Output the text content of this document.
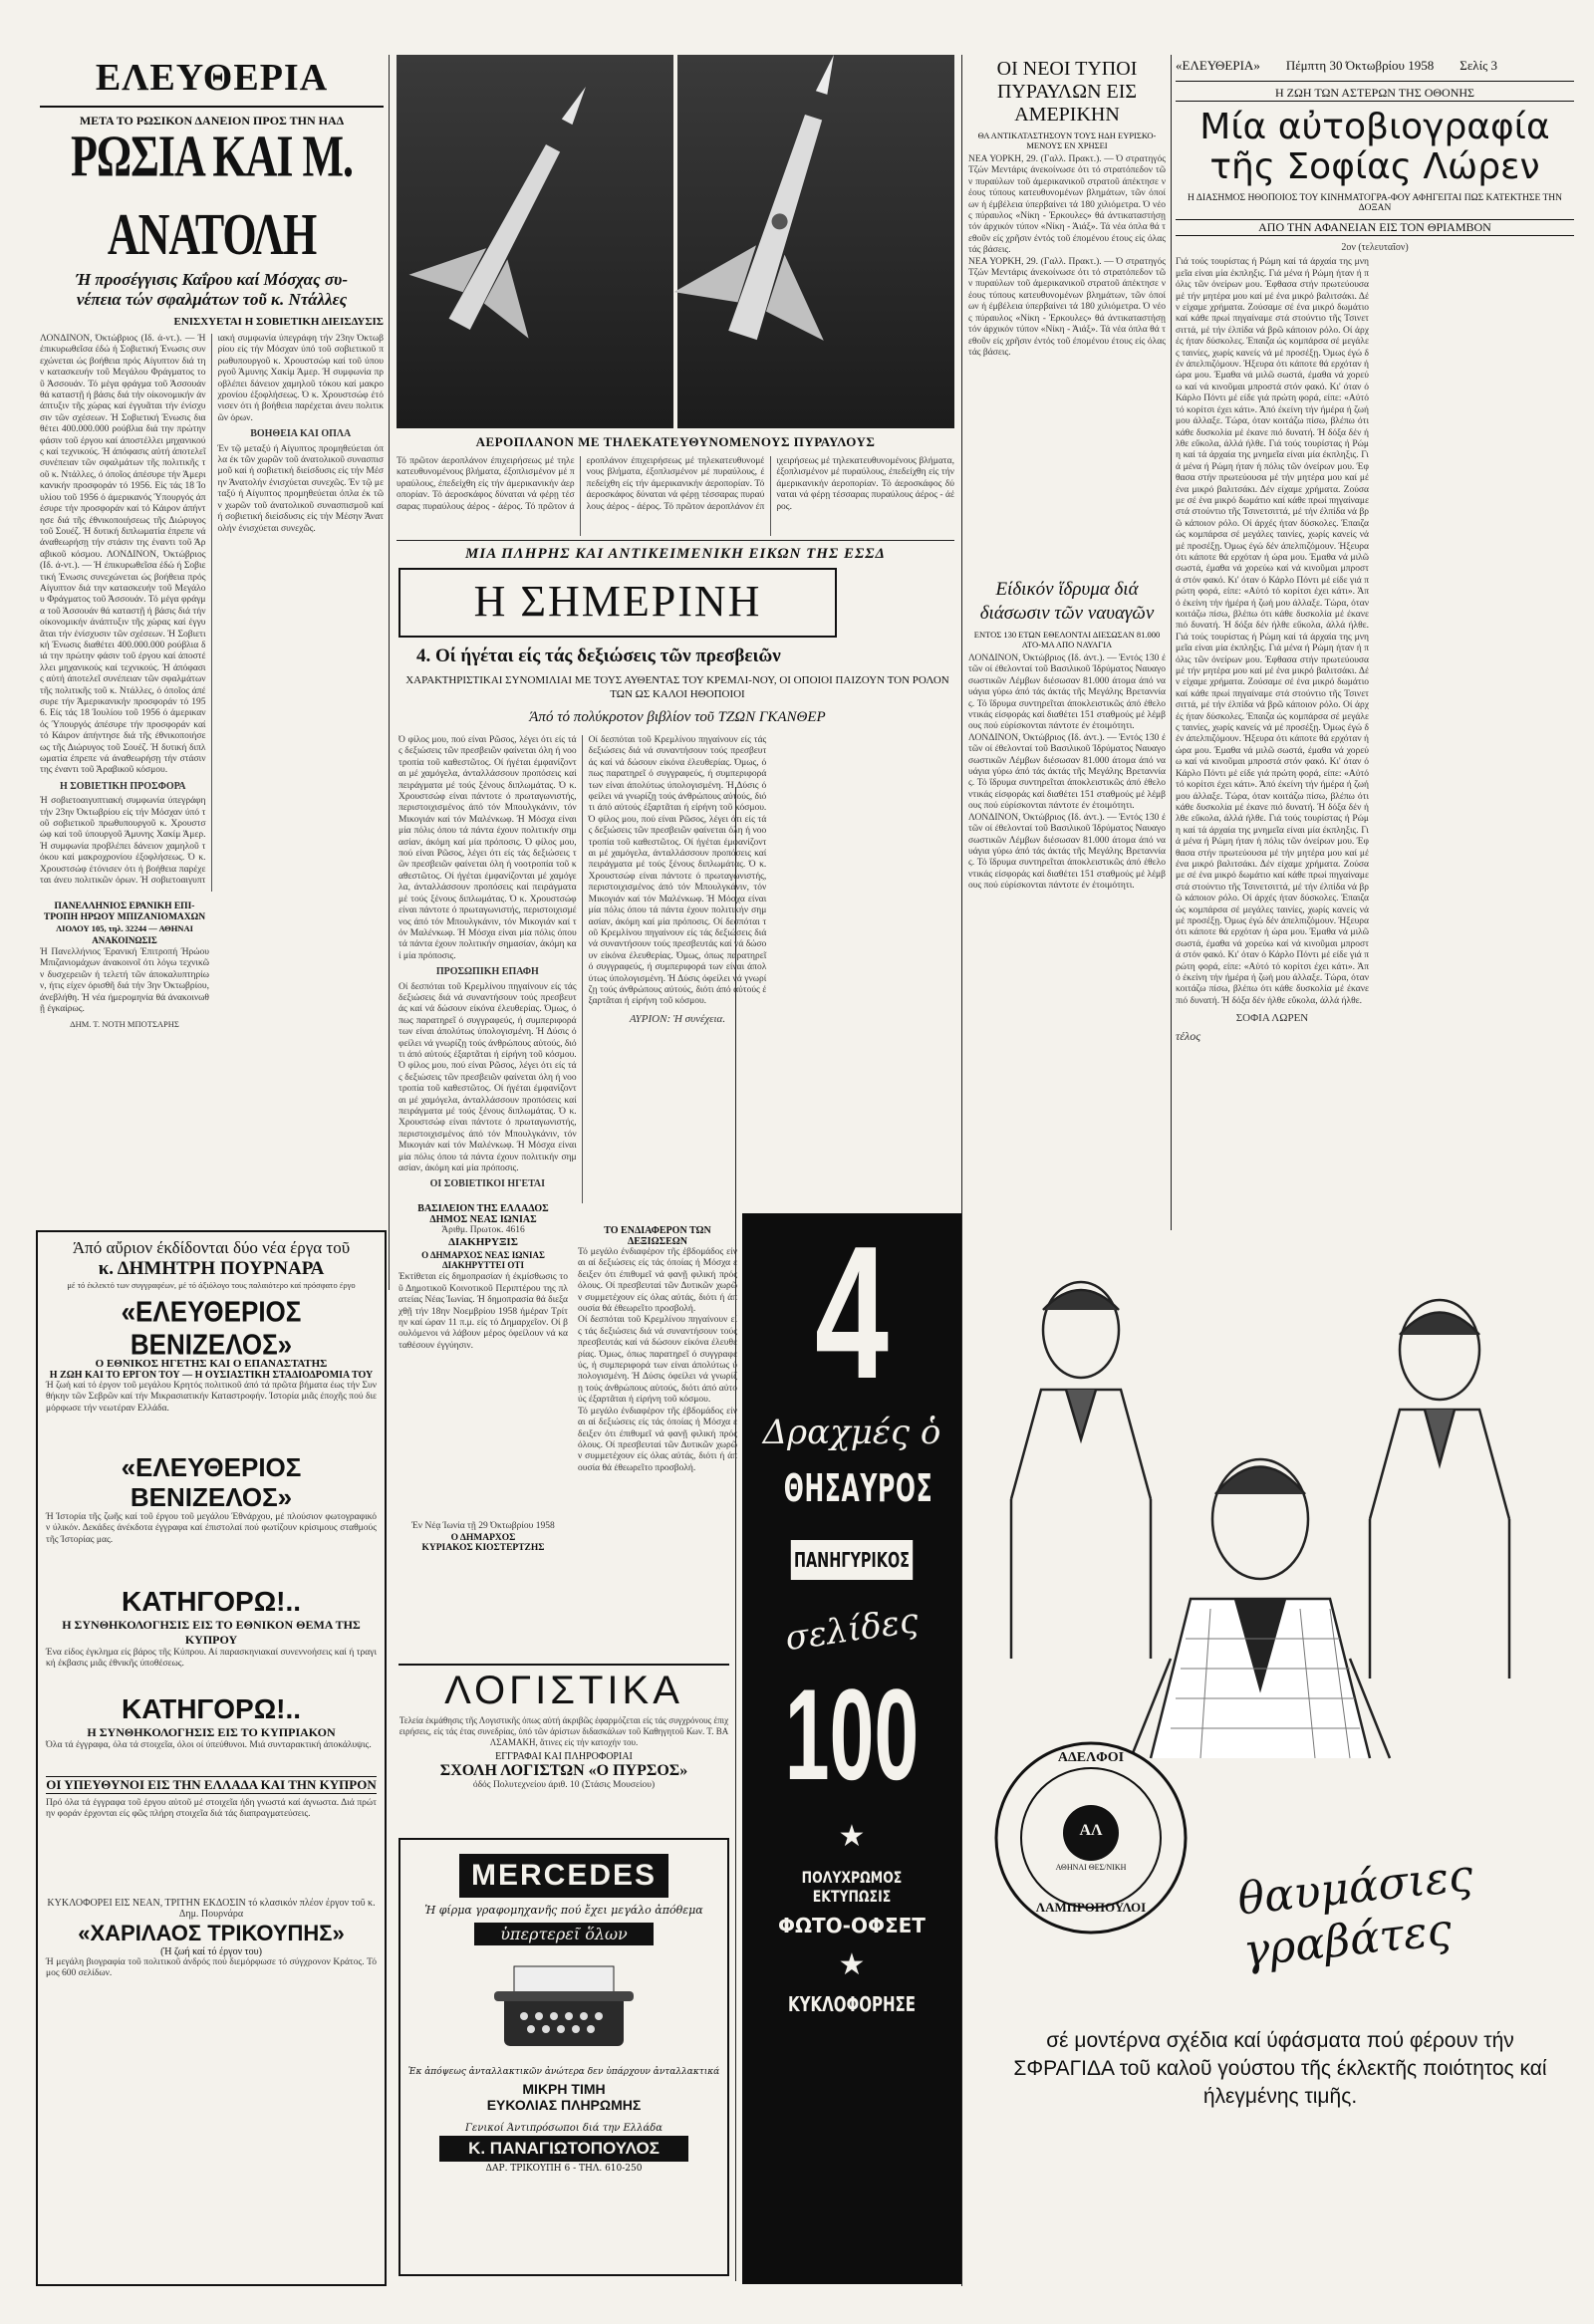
ΕΛΕΥΘΕΡΙΑ	«ΕΛΕΥΘΕΡΙΑ» Πέμπτη 30 Όκτωβρίου 1958 Σελίς 3
ΜΕΤΑ ΤΟ ΡΩΣΙΚΟΝ ΔΑΝΕΙΟΝ ΠΡΟΣ ΤΗΝ ΗΑΔ
ΡΩΣΙΑ ΚΑΙ Μ. ΑΝΑΤΟΛΗ
Ή προσέγγισις Καΐρου καί Μόσχας συ-νέπεια τών σφαλμάτων τοῦ κ. Ντάλλες
ΕΝΙΣΧΥΕΤΑΙ Η ΣΟΒΙΕΤΙΚΗ ΔΙΕΙΣΔΥΣΙΣ
ΛΟΝΔΙΝΟΝ, Όκτώβριος (Ιδ. ά-ντ.). — Ή έπικυρωθεῖσα έδώ ή Σοβιετική Ένωσις συνεχώνεται ώς βοήθεια πρός Αίγυπτον διά την κατασκευήν τοῦ Μεγάλου Φράγματος τοῦ Άσσουάν. Τό μέγα φράγμα τοῦ Άσσουάν θά καταστῇ ή βάσις διά τήν οίκονομικήν άνάπτυξιν τῆς χώρας καί έγγυᾶται τήν ένίσχυσιν τῶν σχέσεων. Ή Σοβιετική Ένωσις διαθέτει 400.000.000 ρούβλια διά την πρώτην φάσιν τοῦ έργου καί άποστέλλει μηχανικούς καί τεχνικούς. Ή άπόφασις αὐτή άποτελεῖ συνέπειαν τῶν σφαλμάτων τῆς πολιτικῆς τοῦ κ. Ντάλλες, ό όποῖος άπέσυρε τήν Άμερικανικήν προσφοράν τό 1956. Είς τάς 18 Ίουλίου τοῦ 1956 ό άμερικανός Ύπουργός άπέσυρε τήν προσφοράν καί τό Κάιρον άπήντησε διά τῆς έθνικοποιήσεως τῆς Διώρυγος τοῦ Σουέζ. Ή δυτική διπλωματία έπρεπε νά άναθεωρήσῃ τήν στάσιν της έναντι τοῦ Άραβικοῦ κόσμου. ΛΟΝΔΙΝΟΝ, Όκτώβριος (Ιδ. ά-ντ.). — Ή έπικυρωθεῖσα έδώ ή Σοβιετική Ένωσις συνεχώνεται ώς βοήθεια πρός Αίγυπτον διά την κατασκευήν τοῦ Μεγάλου Φράγματος τοῦ Άσσουάν. Τό μέγα φράγμα τοῦ Άσσουάν θά καταστῇ ή βάσις διά τήν οίκονομικήν άνάπτυξιν τῆς χώρας καί έγγυᾶται τήν ένίσχυσιν τῶν σχέσεων. Ή Σοβιετική Ένωσις διαθέτει 400.000.000 ρούβλια διά την πρώτην φάσιν τοῦ έργου καί άποστέλλει μηχανικούς καί τεχνικούς. Ή άπόφασις αὐτή άποτελεῖ συνέπειαν τῶν σφαλμάτων τῆς πολιτικῆς τοῦ κ. Ντάλλες, ό όποῖος άπέσυρε τήν Άμερικανικήν προσφοράν τό 1956. Είς τάς 18 Ίουλίου τοῦ 1956 ό άμερικανός Ύπουργός άπέσυρε τήν προσφοράν καί τό Κάιρον άπήντησε διά τῆς έθνικοποιήσεως τῆς Διώρυγος τοῦ Σουέζ. Ή δυτική διπλωματία έπρεπε νά άναθεωρήσῃ τήν στάσιν της έναντι τοῦ Άραβικοῦ κόσμου.
Η ΣΟΒΙΕΤΙΚΗ ΠΡΟΣΦΟΡΑ
Ή σοβιετοαιγυπτιακή συμφωνία ύπεγράφη τήν 23ην Όκτωβρίου είς τήν Μόσχαν ύπό τοῦ σοβιετικοῦ πρωθυπουργοῦ κ. Χρουστσώφ καί τοῦ ύπουργοῦ Άμυνης Χακίμ Άμερ. Ή συμφωνία προβλέπει δάνειον χαμηλοῦ τόκου καί μακροχρονίου έξοφλήσεως. Ό κ. Χρουστσώφ έτόνισεν ότι ή βοήθεια παρέχεται άνευ πολιτικῶν όρων. Ή σοβιετοαιγυπτιακή συμφωνία ύπεγράφη τήν 23ην Όκτωβρίου είς τήν Μόσχαν ύπό τοῦ σοβιετικοῦ πρωθυπουργοῦ κ. Χρουστσώφ καί τοῦ ύπουργοῦ Άμυνης Χακίμ Άμερ. Ή συμφωνία προβλέπει δάνειον χαμηλοῦ τόκου καί μακροχρονίου έξοφλήσεως. Ό κ. Χρουστσώφ έτόνισεν ότι ή βοήθεια παρέχεται άνευ πολιτικῶν όρων.
ΒΟΗΘΕΙΑ ΚΑΙ ΟΠΛΑ
Έν τῷ μεταξύ ή Αίγυπτος προμηθεύεται όπλα έκ τῶν χωρῶν τοῦ άνατολικοῦ συνασπισμοῦ καί ή σοβιετική διείσδυσις είς τήν Μέσην Άνατολήν ένισχύεται συνεχῶς. Έν τῷ μεταξύ ή Αίγυπτος προμηθεύεται όπλα έκ τῶν χωρῶν τοῦ άνατολικοῦ συνασπισμοῦ καί ή σοβιετική διείσδυσις είς τήν Μέσην Άνατολήν ένισχύεται συνεχῶς.
ΠΑΝΕΛΛΗΝΙΟΣ ΕΡΑΝΙΚΗ ΕΠΙ-ΤΡΟΠΗ ΗΡΩΟΥ ΜΠΙΖΑΝΙΟΜΑΧΩΝ
ΛΙΟΛΟΥ 105, τηλ. 32244 — ΑΘΗΝΑΙ
ΑΝΑΚΟΙΝΩΣΙΣ
Ή Πανελλήνιος Έρανική Έπιτροπή Ήρώου Μπιζανιομάχων άνακοινοῖ ότι λόγω τεχνικῶν δυσχερειῶν ή τελετή τῶν άποκαλυπτηρίων, ήτις είχεν όρισθῆ διά τήν 3ην Όκτωβρίου, άνεβλήθη. Ή νέα ήμερομηνία θά άνακοινωθῇ έγκαίρως.
ΔΗΜ. Τ. ΝΟΤΗ ΜΠΟΤΣΑΡΗΣ
Άπό αὔριον έκδίδονται δύο νέα έργα τοῦ
κ. ΔΗΜΗΤΡΗ ΠΟΥΡΝΑΡΑ
μέ τό έκλεκτό των συγγραφέων, μέ τό άξιόλογο τους παλαιότερο καί πρόσφατο έργο
«ΕΛΕΥΘΕΡΙΟΣ ΒΕΝΙΖΕΛΟΣ»
Ο ΕΘΝΙΚΟΣ ΗΓΕΤΗΣ ΚΑΙ Ο ΕΠΑΝΑΣΤΑΤΗΣ
Η ΖΩΗ ΚΑΙ ΤΟ ΕΡΓΟΝ ΤΟΥ — Η ΟΥΣΙΑΣΤΙΚΗ ΣΤΑΔΙΟΔΡΟΜΙΑ ΤΟΥ
Ή ζωή καί τό έργον τοῦ μεγάλου Κρητός πολιτικοῦ άπό τά πρῶτα βήματα έως τήν Συνθήκην τῶν Σεβρῶν καί τήν Μικρασιατικήν Καταστροφήν. Ίστορία μιᾶς έποχῆς πού διεμόρφωσε τήν νεωτέραν Ελλάδα.
«ΕΛΕΥΘΕΡΙΟΣ ΒΕΝΙΖΕΛΟΣ»
Ή Ίστορία τῆς ζωῆς καί τοῦ έργου τοῦ μεγάλου Έθνάρχου, μέ πλούσιον φωτογραφικόν ύλικόν. Δεκάδες άνέκδοτα έγγραφα καί έπιστολαί πού φωτίζουν κρίσιμους σταθμούς τῆς Ίστορίας μας.
ΚΑΤΗΓΟΡΩ!..
Η ΣΥΝΘΗΚΟΛΟΓΗΣΙΣ ΕΙΣ ΤΟ ΕΘΝΙΚΟΝ ΘΕΜΑ ΤΗΣ ΚΥΠΡΟΥ
Ένα είδος έγκλημα είς βάρος τῆς Κύπρου. Αί παρασκηνιακαί συνεννοήσεις καί ή τραγική έκβασις μιᾶς έθνικῆς ύποθέσεως.
ΚΑΤΗΓΟΡΩ!..
Η ΣΥΝΘΗΚΟΛΟΓΗΣΙΣ ΕΙΣ ΤΟ ΚΥΠΡΙΑΚΟΝ
Όλα τά έγγραφα, όλα τά στοιχεῖα, όλοι οί ύπεύθυνοι. Μιά συνταρακτική άποκάλυψις.
ΟΙ ΥΠΕΥΘΥΝΟΙ ΕΙΣ ΤΗΝ ΕΛΛΑΔΑ ΚΑΙ ΤΗΝ ΚΥΠΡΟΝ
Πρό όλα τά έγγραφα τοῦ έργου αὐτοῦ μέ στοιχεῖα ήδη γνωστά καί άγνωστα. Διά πρώτην φοράν έρχονται είς φῶς πλήρη στοιχεῖα διά τάς διαπραγματεύσεις.
ΚΥΚΛΟΦΟΡΕΙ ΕΙΣ ΝΕΑΝ, ΤΡΙΤΗΝ ΕΚΔΟΣΙΝ τό κλασικόν πλέον έργον τοῦ κ. Δημ. Πουρνάρα
«ΧΑΡΙΛΑΟΣ ΤΡΙΚΟΥΠΗΣ»
(Ή ζωή καί τό έργον του)
Ή μεγάλη βιογραφία τοῦ πολιτικοῦ άνδρός πού διεμόρφωσε τό σύγχρονον Κράτος. Τόμος 600 σελίδων.
ΑΕΡΟΠΛΑΝΟΝ ΜΕ ΤΗΛΕΚΑΤΕΥΘΥΝΟΜΕΝΟΥΣ ΠΥΡΑΥΛΟΥΣ
Τό πρῶτον άεροπλάνον έπιχειρήσεως μέ τηλεκατευθυνομένους βλήματα, έξοπλισμένον μέ πυραύλους, έπεδείχθη είς τήν άμερικανικήν άεροπορίαν. Τό άεροσκάφος δύναται νά φέρῃ τέσσαρας πυραύλους άέρος - άέρος. Τό πρῶτον άεροπλάνον έπιχειρήσεως μέ τηλεκατευθυνομένους βλήματα, έξοπλισμένον μέ πυραύλους, έπεδείχθη είς τήν άμερικανικήν άεροπορίαν. Τό άεροσκάφος δύναται νά φέρῃ τέσσαρας πυραύλους άέρος - άέρος. Τό πρῶτον άεροπλάνον έπιχειρήσεως μέ τηλεκατευθυνομένους βλήματα, έξοπλισμένον μέ πυραύλους, έπεδείχθη είς τήν άμερικανικήν άεροπορίαν. Τό άεροσκάφος δύναται νά φέρῃ τέσσαρας πυραύλους άέρος - άέρος.
ΜΙΑ ΠΛΗΡΗΣ ΚΑΙ ΑΝΤΙΚΕΙΜΕΝΙΚΗ ΕΙΚΩΝ ΤΗΣ ΕΣΣΔ
Η ΣΗΜΕΡΙΝΗ
4. Οί ήγέται είς τάς δεξιώσεις τῶν πρεσβειῶν
ΧΑΡΑΚΤΗΡΙΣΤΙΚΑΙ ΣΥΝΟΜΙΛΙΑΙ ΜΕ ΤΟΥΣ ΑΥΘΕΝΤΑΣ ΤΟΥ ΚΡΕΜΛΙ-ΝΟΥ, ΟΙ ΟΠΟΙΟΙ ΠΑΙΖΟΥΝ ΤΟΝ ΡΟΛΟΝ ΤΩΝ ΩΣ ΚΑΛΟΙ ΗΘΟΠΟΙΟΙ
Άπό τό πολύκροτον βιβλίον τοῦ ΤΖΩΝ ΓΚΑΝΘΕΡ
Ό φίλος μου, πού είναι Ρῶσος, λέγει ότι είς τάς δεξιώσεις τῶν πρεσβειῶν φαίνεται όλη ή νοοτροπία τοῦ καθεστῶτος. Οί ήγέται έμφανίζονται μέ χαμόγελα, άνταλλάσσουν προπόσεις καί πειράγματα μέ τούς ξένους διπλωμάτας. Ό κ. Χρουστσώφ είναι πάντοτε ό πρωταγωνιστής, περιστοιχισμένος άπό τόν Μπουλγκάνιν, τόν Μικογιάν καί τόν Μαλένκωφ. Ή Μόσχα είναι μία πόλις όπου τά πάντα έχουν πολιτικήν σημασίαν, άκόμη καί μία πρόποσις. Ό φίλος μου, πού είναι Ρῶσος, λέγει ότι είς τάς δεξιώσεις τῶν πρεσβειῶν φαίνεται όλη ή νοοτροπία τοῦ καθεστῶτος. Οί ήγέται έμφανίζονται μέ χαμόγελα, άνταλλάσσουν προπόσεις καί πειράγματα μέ τούς ξένους διπλωμάτας. Ό κ. Χρουστσώφ είναι πάντοτε ό πρωταγωνιστής, περιστοιχισμένος άπό τόν Μπουλγκάνιν, τόν Μικογιάν καί τόν Μαλένκωφ. Ή Μόσχα είναι μία πόλις όπου τά πάντα έχουν πολιτικήν σημασίαν, άκόμη καί μία πρόποσις.
ΠΡΟΣΩΠΙΚΗ ΕΠΑΦΗ
Οί δεσπόται τοῦ Κρεμλίνου πηγαίνουν είς τάς δεξιώσεις διά νά συναντήσουν τούς πρεσβευτάς καί νά δώσουν είκόνα έλευθερίας. Όμως, όπως παρατηρεῖ ό συγγραφεύς, ή συμπεριφορά των είναι άπολύτως ύπολογισμένη. Ή Δύσις όφείλει νά γνωρίζῃ τούς άνθρώπους αὐτούς, διότι άπό αὐτούς έξαρτᾶται ή είρήνη τοῦ κόσμου. Ό φίλος μου, πού είναι Ρῶσος, λέγει ότι είς τάς δεξιώσεις τῶν πρεσβειῶν φαίνεται όλη ή νοοτροπία τοῦ καθεστῶτος. Οί ήγέται έμφανίζονται μέ χαμόγελα, άνταλλάσσουν προπόσεις καί πειράγματα μέ τούς ξένους διπλωμάτας. Ό κ. Χρουστσώφ είναι πάντοτε ό πρωταγωνιστής, περιστοιχισμένος άπό τόν Μπουλγκάνιν, τόν Μικογιάν καί τόν Μαλένκωφ. Ή Μόσχα είναι μία πόλις όπου τά πάντα έχουν πολιτικήν σημασίαν, άκόμη καί μία πρόποσις.
ΟΙ ΣΟΒΙΕΤΙΚΟΙ ΗΓΕΤΑΙ
Οί δεσπόται τοῦ Κρεμλίνου πηγαίνουν είς τάς δεξιώσεις διά νά συναντήσουν τούς πρεσβευτάς καί νά δώσουν είκόνα έλευθερίας. Όμως, όπως παρατηρεῖ ό συγγραφεύς, ή συμπεριφορά των είναι άπολύτως ύπολογισμένη. Ή Δύσις όφείλει νά γνωρίζῃ τούς άνθρώπους αὐτούς, διότι άπό αὐτούς έξαρτᾶται ή είρήνη τοῦ κόσμου. Ό φίλος μου, πού είναι Ρῶσος, λέγει ότι είς τάς δεξιώσεις τῶν πρεσβειῶν φαίνεται όλη ή νοοτροπία τοῦ καθεστῶτος. Οί ήγέται έμφανίζονται μέ χαμόγελα, άνταλλάσσουν προπόσεις καί πειράγματα μέ τούς ξένους διπλωμάτας. Ό κ. Χρουστσώφ είναι πάντοτε ό πρωταγωνιστής, περιστοιχισμένος άπό τόν Μπουλγκάνιν, τόν Μικογιάν καί τόν Μαλένκωφ. Ή Μόσχα είναι μία πόλις όπου τά πάντα έχουν πολιτικήν σημασίαν, άκόμη καί μία πρόποσις. Οί δεσπόται τοῦ Κρεμλίνου πηγαίνουν είς τάς δεξιώσεις διά νά συναντήσουν τούς πρεσβευτάς καί νά δώσουν είκόνα έλευθερίας. Όμως, όπως παρατηρεῖ ό συγγραφεύς, ή συμπεριφορά των είναι άπολύτως ύπολογισμένη. Ή Δύσις όφείλει νά γνωρίζῃ τούς άνθρώπους αὐτούς, διότι άπό αὐτούς έξαρτᾶται ή είρήνη τοῦ κόσμου.
ΑΥΡΙΟΝ: Ἡ συνέχεια.
ΒΑΣΙΛΕΙΟΝ ΤΗΣ ΕΛΛΑΔΟΣ
ΔΗΜΟΣ ΝΕΑΣ ΙΩΝΙΑΣ
Άριθμ. Πρωτοκ. 4616
ΔΙΑΚΗΡΥΞΙΣ
Ο ΔΗΜΑΡΧΟΣ ΝΕΑΣ ΙΩΝΙΑΣ ΔΙΑΚΗΡΥΤΤΕΙ ΟΤΙ
Έκτίθεται είς δημοπρασίαν ή έκμίσθωσις τοῦ Δημοτικοῦ Κοινοτικοῦ Περιπτέρου της πλατείας Νέας Ίωνίας. Ή δημοπρασία θά διεξαχθῇ τήν 18ην Νοεμβρίου 1958 ήμέραν Τρίτην καί ώραν 11 π.μ. είς τό Δημαρχεῖον. Οί βουλόμενοι νά λάβουν μέρος όφείλουν νά καταθέσουν έγγύησιν.
Έν Νέᾳ Ίωνία τῇ 29 Όκτωβρίου 1958
Ο ΔΗΜΑΡΧΟΣ
ΚΥΡΙΑΚΟΣ ΚΙΟΣΤΕΡΤΖΗΣ
ΤΟ ΕΝΔΙΑΦΕΡΟΝ ΤΩΝ ΔΕΞΙΩΣΕΩΝ
Τό μεγάλο ένδιαφέρον τῆς έβδομάδος είναι αί δεξιώσεις είς τάς όποίας ή Μόσχα έδειξεν ότι έπιθυμεῖ νά φανῇ φιλική πρός όλους. Οί πρεσβευταί τῶν Δυτικῶν χωρῶν συμμετέχουν είς όλας αὐτάς, διότι ή άπουσία θά έθεωρεῖτο προσβολή.
Οί δεσπόται τοῦ Κρεμλίνου πηγαίνουν είς τάς δεξιώσεις διά νά συναντήσουν τούς πρεσβευτάς καί νά δώσουν είκόνα έλευθερίας. Όμως, όπως παρατηρεῖ ό συγγραφεύς, ή συμπεριφορά των είναι άπολύτως ύπολογισμένη. Ή Δύσις όφείλει νά γνωρίζῃ τούς άνθρώπους αὐτούς, διότι άπό αὐτούς έξαρτᾶται ή είρήνη τοῦ κόσμου.
Τό μεγάλο ένδιαφέρον τῆς έβδομάδος είναι αί δεξιώσεις είς τάς όποίας ή Μόσχα έδειξεν ότι έπιθυμεῖ νά φανῇ φιλική πρός όλους. Οί πρεσβευταί τῶν Δυτικῶν χωρῶν συμμετέχουν είς όλας αὐτάς, διότι ή άπουσία θά έθεωρεῖτο προσβολή.
ΛΟΓΙΣΤΙΚΑ
Τελεία έκμάθησις τῆς Λογιστικῆς όπως αὐτή άκριβῶς έφαρμόζεται είς τάς συγχρόνους έπιχειρήσεις, είς τάς έτας συνεδρίας, ὑπό τῶν άρίστων διδασκάλων τοῦ Καθηγητοῦ Κων. Τ. ΒΑΛΣΑΜΑΚΗ, ἅτινες είς τήν κατοχήν του.
ΕΓΓΡΑΦΑΙ ΚΑΙ ΠΛΗΡΟΦΟΡΙΑΙ
ΣΧΟΛΗ ΛΟΓΙΣΤΩΝ «Ο ΠΥΡΣΟΣ»
όδός Πολυτεχνείου άριθ. 10 (Στάσις Μουσείου)
MERCEDES
Ἡ φίρμα γραφομηχανῆς πού ἔχει μεγάλο ἀπόθεμα
ὑπερτερεῖ ὅλων
Ἐκ ἀπόψεως ἀνταλλακτικῶν ἀνώτερα δεν ὑπάρχουν ἀνταλλακτικά
ΜΙΚΡΗ ΤΙΜΗ
ΕΥΚΟΛΙΑΣ ΠΛΗΡΩΜΗΣ
Γενικοί Άντιπρόσωποι διά την Ελλάδα
Κ. ΠΑΝΑΓΙΩΤΟΠΟΥΛΟΣ
ΔΑΡ. ΤΡΙΚΟΥΠΗ 6 - ΤΗΛ. 610-250
ΟΙ ΝΕΟΙ ΤΥΠΟΙ ΠΥΡΑΥΛΩΝ ΕΙΣ ΑΜΕΡΙΚΗΝ
ΘΑ ΑΝΤΙΚΑΤΑΣΤΗΣΟΥΝ ΤΟΥΣ ΗΔΗ ΕΥΡΙΣΚΟ-ΜΕΝΟΥΣ ΕΝ ΧΡΗΣΕΙ
ΝΕΑ ΥΟΡΚΗ, 29. (Γαλλ. Πρακτ.). — Ό στρατηγός Τζών Μεντάρις άνεκοίνωσε ότι τό στρατόπεδον τῶν πυραύλων τοῦ άμερικανικοῦ στρατοῦ άπέκτησε νέους τύπους κατευθυνομένων βλημάτων, τῶν όποίων ή έμβέλεια ύπερβαίνει τά 180 χιλιόμετρα. Ό νέος πύραυλος «Νίκη - Έρκουλες» θά άντικαταστήσῃ τόν άρχικόν τύπον «Νίκη - Άιάξ». Τά νέα όπλα θά τεθοῦν είς χρῆσιν έντός τοῦ έπομένου έτους είς όλας τάς βάσεις.
ΝΕΑ ΥΟΡΚΗ, 29. (Γαλλ. Πρακτ.). — Ό στρατηγός Τζών Μεντάρις άνεκοίνωσε ότι τό στρατόπεδον τῶν πυραύλων τοῦ άμερικανικοῦ στρατοῦ άπέκτησε νέους τύπους κατευθυνομένων βλημάτων, τῶν όποίων ή έμβέλεια ύπερβαίνει τά 180 χιλιόμετρα. Ό νέος πύραυλος «Νίκη - Έρκουλες» θά άντικαταστήσῃ τόν άρχικόν τύπον «Νίκη - Άιάξ». Τά νέα όπλα θά τεθοῦν είς χρῆσιν έντός τοῦ έπομένου έτους είς όλας τάς βάσεις.
Είδικόν ἵδρυμα διά διάσωσιν τῶν ναυαγῶν
ΕΝΤΟΣ 130 ΕΤΩΝ ΕΘΕΛΟΝΤΑΙ ΔΙΕΣΩΣΑΝ 81.000 ΑΤΟ-ΜΑ ΑΠΟ ΝΑΥΑΓΙΑ
ΛΟΝΔΙΝΟΝ, Όκτώβριος (Ιδ. άντ.). — Έντός 130 έτῶν οί έθελονταί τοῦ Βασιλικοῦ Ίδρύματος Ναυαγοσωστικῶν Λέμβων διέσωσαν 81.000 άτομα άπό ναυάγια γύρω άπό τάς άκτάς τῆς Μεγάλης Βρεταννίας. Τό ἵδρυμα συντηρεῖται άποκλειστικῶς άπό έθελοντικάς είσφοράς καί διαθέτει 151 σταθμούς μέ λέμβους πού εύρίσκονται πάντοτε έν έτοιμότητι.
ΛΟΝΔΙΝΟΝ, Όκτώβριος (Ιδ. άντ.). — Έντός 130 έτῶν οί έθελονταί τοῦ Βασιλικοῦ Ίδρύματος Ναυαγοσωστικῶν Λέμβων διέσωσαν 81.000 άτομα άπό ναυάγια γύρω άπό τάς άκτάς τῆς Μεγάλης Βρεταννίας. Τό ἵδρυμα συντηρεῖται άποκλειστικῶς άπό έθελοντικάς είσφοράς καί διαθέτει 151 σταθμούς μέ λέμβους πού εύρίσκονται πάντοτε έν έτοιμότητι.
ΛΟΝΔΙΝΟΝ, Όκτώβριος (Ιδ. άντ.). — Έντός 130 έτῶν οί έθελονταί τοῦ Βασιλικοῦ Ίδρύματος Ναυαγοσωστικῶν Λέμβων διέσωσαν 81.000 άτομα άπό ναυάγια γύρω άπό τάς άκτάς τῆς Μεγάλης Βρεταννίας. Τό ἵδρυμα συντηρεῖται άποκλειστικῶς άπό έθελοντικάς είσφοράς καί διαθέτει 151 σταθμούς μέ λέμβους πού εύρίσκονται πάντοτε έν έτοιμότητι.
Η ΖΩΗ ΤΩΝ ΑΣΤΕΡΩΝ ΤΗΣ ΟΘΟΝΗΣ
Μία αὐτοβιογραφία τῆς Σοφίας Λώρεν
Η ΔΙΑΣΗΜΟΣ ΗΘΟΠΟΙΟΣ ΤΟΥ ΚΙΝΗΜΑΤΟΓΡΑ-ΦΟΥ ΑΦΗΓΕΙΤΑΙ ΠΩΣ ΚΑΤΕΚΤΗΣΕ ΤΗΝ ΔΟΞΑΝ
ΑΠΟ ΤΗΝ ΑΦΑΝΕΙΑΝ ΕΙΣ ΤΟΝ ΘΡΙΑΜΒΟΝ
2ον (τελευταῖον)
Γιά τούς τουρίστας ή Ρώμη καί τά άρχαία της μνημεῖα είναι μία έκπληξις. Γιά μένα ή Ρώμη ήταν ή πόλις τῶν όνείρων μου. Έφθασα στήν πρωτεύουσα μέ τήν μητέρα μου καί μέ ένα μικρό βαλιτσάκι. Δέν είχαμε χρήματα. Ζούσαμε σέ ένα μικρό δωμάτιο καί κάθε πρωί πηγαίναμε στά στούντιο τῆς Τσινετσιττά, μέ τήν έλπίδα νά βρῶ κάποιον ρόλο. Οί άρχές ήταν δύσκολες. Έπαιζα ώς κομπάρσα σέ μεγάλες ταινίες, χωρίς κανείς νά μέ προσέξῃ. Όμως έγώ δέν άπελπιζόμουν. Ήξευρα ότι κάποτε θά ερχόταν ή ώρα μου. Έμαθα νά μιλῶ σωστά, έμαθα νά χορεύω καί νά κινοῦμαι μπροστά στόν φακό. Κι' όταν ό Κάρλο Πόντι μέ είδε γιά πρώτη φορά, είπε: «Αὐτό τό κορίτσι έχει κάτι». Άπό έκείνη τήν ήμέρα ή ζωή μου άλλαξε. Τώρα, όταν κοιτάζω πίσω, βλέπω ότι κάθε δυσκολία μέ έκανε πιό δυνατή. Ή δόξα δέν ήλθε εὔκολα, άλλά ήλθε. Γιά τούς τουρίστας ή Ρώμη καί τά άρχαία της μνημεῖα είναι μία έκπληξις. Γιά μένα ή Ρώμη ήταν ή πόλις τῶν όνείρων μου. Έφθασα στήν πρωτεύουσα μέ τήν μητέρα μου καί μέ ένα μικρό βαλιτσάκι. Δέν είχαμε χρήματα. Ζούσαμε σέ ένα μικρό δωμάτιο καί κάθε πρωί πηγαίναμε στά στούντιο τῆς Τσινετσιττά, μέ τήν έλπίδα νά βρῶ κάποιον ρόλο. Οί άρχές ήταν δύσκολες. Έπαιζα ώς κομπάρσα σέ μεγάλες ταινίες, χωρίς κανείς νά μέ προσέξῃ. Όμως έγώ δέν άπελπιζόμουν. Ήξευρα ότι κάποτε θά ερχόταν ή ώρα μου. Έμαθα νά μιλῶ σωστά, έμαθα νά χορεύω καί νά κινοῦμαι μπροστά στόν φακό. Κι' όταν ό Κάρλο Πόντι μέ είδε γιά πρώτη φορά, είπε: «Αὐτό τό κορίτσι έχει κάτι». Άπό έκείνη τήν ήμέρα ή ζωή μου άλλαξε. Τώρα, όταν κοιτάζω πίσω, βλέπω ότι κάθε δυσκολία μέ έκανε πιό δυνατή. Ή δόξα δέν ήλθε εὔκολα, άλλά ήλθε. Γιά τούς τουρίστας ή Ρώμη καί τά άρχαία της μνημεῖα είναι μία έκπληξις. Γιά μένα ή Ρώμη ήταν ή πόλις τῶν όνείρων μου. Έφθασα στήν πρωτεύουσα μέ τήν μητέρα μου καί μέ ένα μικρό βαλιτσάκι. Δέν είχαμε χρήματα. Ζούσαμε σέ ένα μικρό δωμάτιο καί κάθε πρωί πηγαίναμε στά στούντιο τῆς Τσινετσιττά, μέ τήν έλπίδα νά βρῶ κάποιον ρόλο. Οί άρχές ήταν δύσκολες. Έπαιζα ώς κομπάρσα σέ μεγάλες ταινίες, χωρίς κανείς νά μέ προσέξῃ. Όμως έγώ δέν άπελπιζόμουν. Ήξευρα ότι κάποτε θά ερχόταν ή ώρα μου. Έμαθα νά μιλῶ σωστά, έμαθα νά χορεύω καί νά κινοῦμαι μπροστά στόν φακό. Κι' όταν ό Κάρλο Πόντι μέ είδε γιά πρώτη φορά, είπε: «Αὐτό τό κορίτσι έχει κάτι». Άπό έκείνη τήν ήμέρα ή ζωή μου άλλαξε. Τώρα, όταν κοιτάζω πίσω, βλέπω ότι κάθε δυσκολία μέ έκανε πιό δυνατή. Ή δόξα δέν ήλθε εὔκολα, άλλά ήλθε. Γιά τούς τουρίστας ή Ρώμη καί τά άρχαία της μνημεῖα είναι μία έκπληξις. Γιά μένα ή Ρώμη ήταν ή πόλις τῶν όνείρων μου. Έφθασα στήν πρωτεύουσα μέ τήν μητέρα μου καί μέ ένα μικρό βαλιτσάκι. Δέν είχαμε χρήματα. Ζούσαμε σέ ένα μικρό δωμάτιο καί κάθε πρωί πηγαίναμε στά στούντιο τῆς Τσινετσιττά, μέ τήν έλπίδα νά βρῶ κάποιον ρόλο. Οί άρχές ήταν δύσκολες. Έπαιζα ώς κομπάρσα σέ μεγάλες ταινίες, χωρίς κανείς νά μέ προσέξῃ. Όμως έγώ δέν άπελπιζόμουν. Ήξευρα ότι κάποτε θά ερχόταν ή ώρα μου. Έμαθα νά μιλῶ σωστά, έμαθα νά χορεύω καί νά κινοῦμαι μπροστά στόν φακό. Κι' όταν ό Κάρλο Πόντι μέ είδε γιά πρώτη φορά, είπε: «Αὐτό τό κορίτσι έχει κάτι». Άπό έκείνη τήν ήμέρα ή ζωή μου άλλαξε. Τώρα, όταν κοιτάζω πίσω, βλέπω ότι κάθε δυσκολία μέ έκανε πιό δυνατή. Ή δόξα δέν ήλθε εὔκολα, άλλά ήλθε.
ΣΟΦΙΑ ΛΩΡΕΝ
τέλος
4
Δραχμές ὁ
ΘΗΣΑΥΡΟΣ
ΠΑΝΗΓΥΡΙΚΟΣ
σελίδες
100
★
ΠΟΛΥΧΡΩΜΟΣ ΕΚΤΥΠΩΣΙΣ
ΦΩΤΟ-ΟΦΣΕΤ
★
ΚΥΚΛΟΦΟΡΗΣΕ
ΑΔΕΛΦΟΙ
ΛΑΜΠΡΟΠΟΥΛΟΙ
ΑΛ
ΑΘΗΝΑΙ ΘΕΣ/ΝΙΚΗ	θαυμάσιες γραβάτες
σέ μοντέρνα σχέδια καί ύφάσματα πού φέρουν τήν ΣΦΡΑΓΙΔΑ τοῦ καλοῦ γούστου τῆς έκλεκτῆς ποιότητος καί ήλεγμένης τιμῆς.
